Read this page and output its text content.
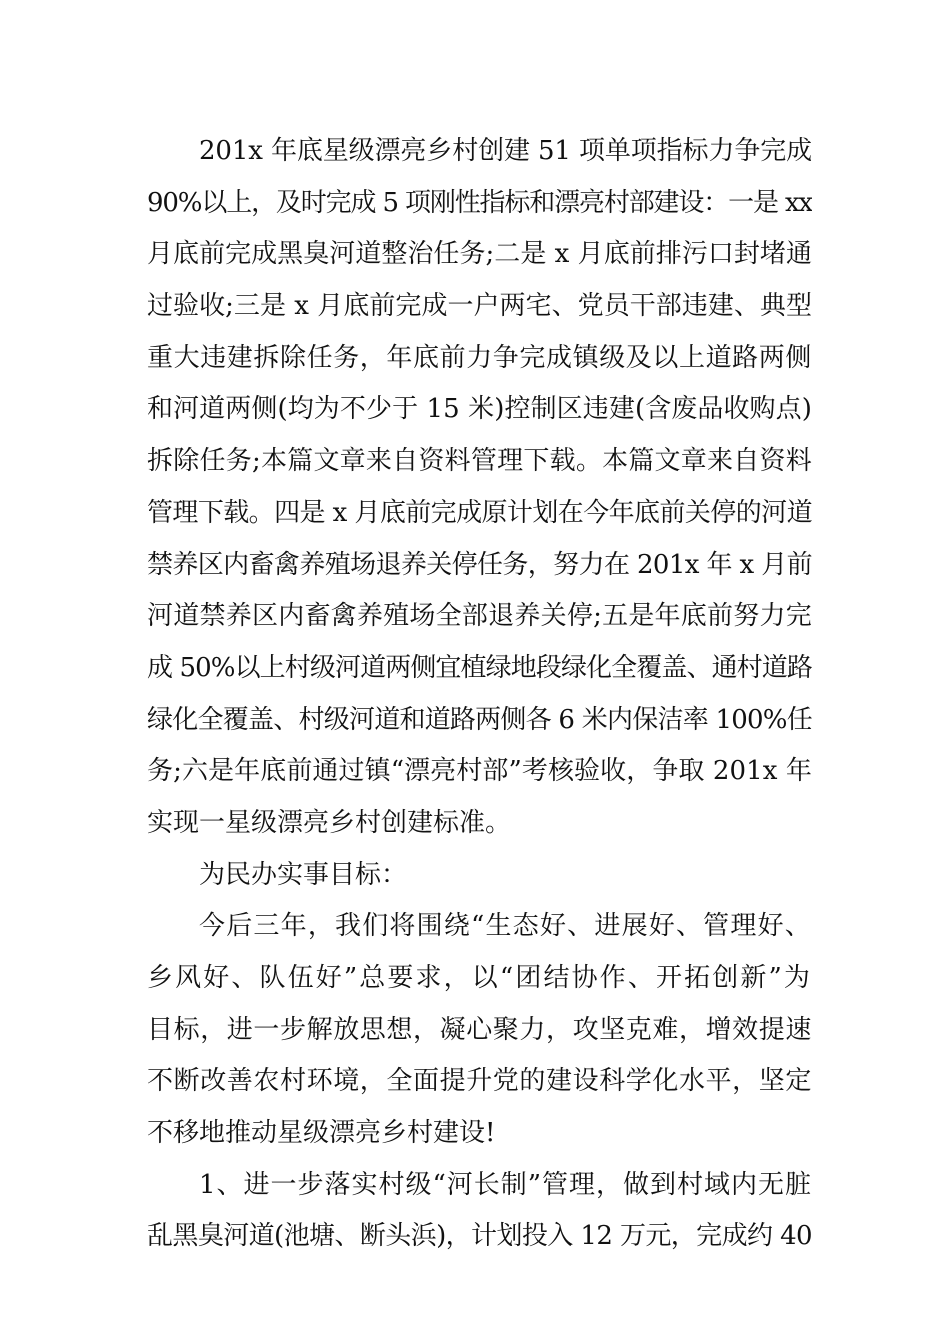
201x 年底星级漂亮乡村创建 51 项单项指标力争完成
90%以上，及时完成 5 项刚性指标和漂亮村部建设：一是 xx
月底前完成黑臭河道整治任务;二是 x 月底前排污口封堵通
过验收;三是 x 月底前完成一户两宅、党员干部违建、典型
重大违建拆除任务，年底前力争完成镇级及以上道路两侧
和河道两侧(均为不少于 15 米)控制区违建(含废品收购点)
拆除任务;本篇文章来自资料管理下载。本篇文章来自资料
管理下载。四是 x 月底前完成原计划在今年底前关停的河道
禁养区内畜禽养殖场退养关停任务，努力在 201x 年 x 月前
河道禁养区内畜禽养殖场全部退养关停;五是年底前努力完
成 50%以上村级河道两侧宜植绿地段绿化全覆盖、通村道路
绿化全覆盖、村级河道和道路两侧各 6 米内保洁率 100%任
务;六是年底前通过镇“漂亮村部”考核验收，争取 201x 年
实现一星级漂亮乡村创建标准。
为民办实事目标：
今后三年，我们将围绕“生态好、进展好、管理好、
乡风好、队伍好”总要求，以“团结协作、开拓创新”为
目标，进一步解放思想，凝心聚力，攻坚克难，增效提速
不断改善农村环境，全面提升党的建设科学化水平，坚定
不移地推动星级漂亮乡村建设!
1、进一步落实村级“河长制”管理，做到村域内无脏
乱黑臭河道(池塘、断头浜)，计划投入 12 万元，完成约 40
